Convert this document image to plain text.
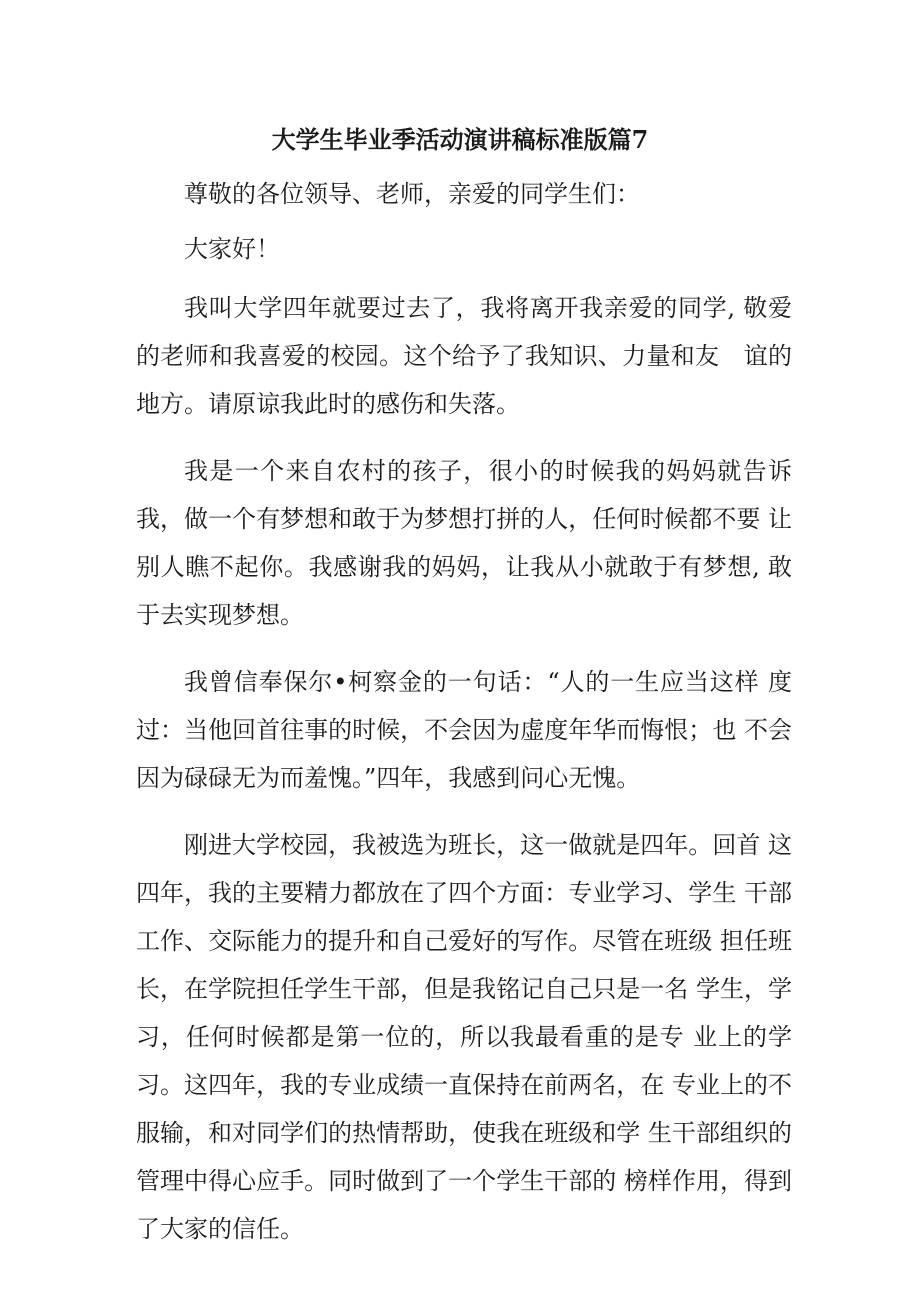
大学生毕业季活动演讲稿标准版篇7

尊敬的各位领导、老师，亲爱的同学生们：

大家好！

我叫大学四年就要过去了，我将离开我亲爱的同学, 敬爱的老师和我喜爱的校园。这个给予了我知识、力量和友　谊的地方。请原谅我此时的感伤和失落。

我是一个来自农村的孩子，很小的时候我的妈妈就告诉　我，做一个有梦想和敢于为梦想打拼的人，任何时候都不要 让别人瞧不起你。我感谢我的妈妈，让我从小就敢于有梦想, 敢于去实现梦想。

我曾信奉保尔•柯察金的一句话：“人的一生应当这样 度过：当他回首往事的时候，不会因为虚度年华而悔恨；也 不会因为碌碌无为而羞愧。”四年，我感到问心无愧。

刚进大学校园，我被选为班长，这一做就是四年。回首 这四年，我的主要精力都放在了四个方面：专业学习、学生 干部工作、交际能力的提升和自己爱好的写作。尽管在班级 担任班长，在学院担任学生干部，但是我铭记自己只是一名 学生，学习，任何时候都是第一位的，所以我最看重的是专 业上的学习。这四年，我的专业成绩一直保持在前两名，在 专业上的不服输，和对同学们的热情帮助，使我在班级和学 生干部组织的管理中得心应手。同时做到了一个学生干部的 榜样作用，得到了大家的信任。
